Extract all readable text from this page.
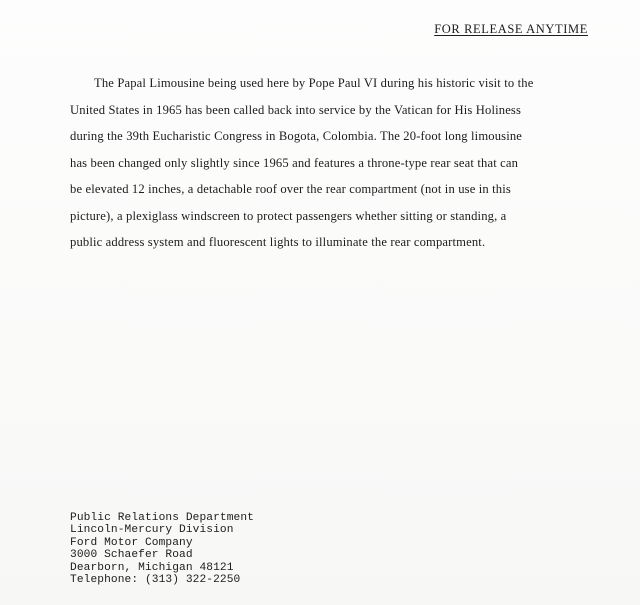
FOR RELEASE ANYTIME
The Papal Limousine being used here by Pope Paul VI during his historic visit to the
United States in 1965 has been called back into service by the Vatican for His Holiness
during the 39th Eucharistic Congress in Bogota, Colombia. The 20-foot long limousine
has been changed only slightly since 1965 and features a throne-type rear seat that can
be elevated 12 inches, a detachable roof over the rear compartment (not in use in this
picture), a plexiglass windscreen to protect passengers whether sitting or standing, a
public address system and fluorescent lights to illuminate the rear compartment.
Public Relations Department
Lincoln-Mercury Division
Ford Motor Company
3000 Schaefer Road
Dearborn, Michigan 48121
Telephone: (313) 322-2250
